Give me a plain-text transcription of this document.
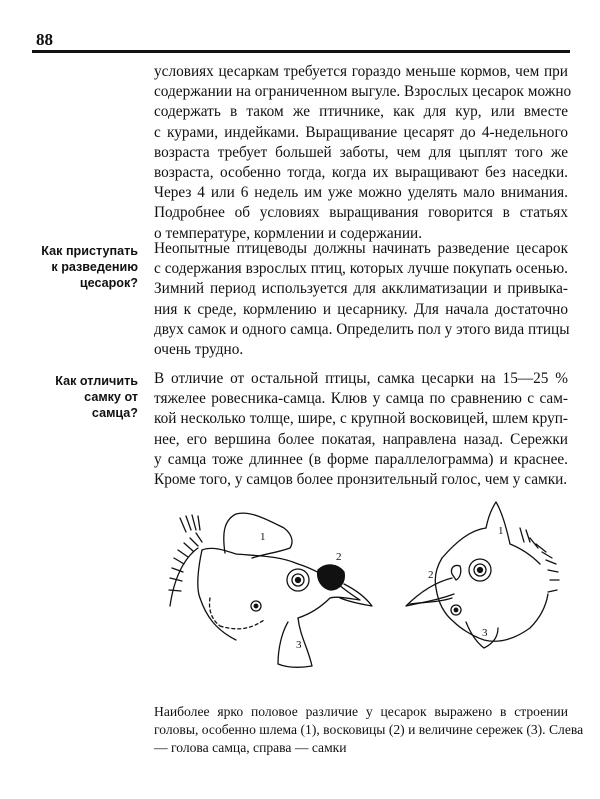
88

условиях цесаркам требуется гораздо меньше кормов, чем при
содержании на ограниченном выгуле. Взрослых цесарок можно
содержать в таком же птичнике, как для кур, или вместе
с курами, индейками. Выращивание цесарят до 4-недельного
возраста требует большей заботы, чем для цыплят того же
возраста, особенно тогда, когда их выращивают без наседки.
Через 4 или 6 недель им уже можно уделять мало внимания.
Подробнее об условиях выращивания говорится в статьях
о температуре, кормлении и содержании.

Как приступать
к разведению
цесарок?

Неопытные птицеводы должны начинать разведение цесарок
с содержания взрослых птиц, которых лучше покупать осенью.
Зимний период используется для акклиматизации и привыка-
ния к среде, кормлению и цесарнику. Для начала достаточно
двух самок и одного самца. Определить пол у этого вида птицы
очень трудно.

Как отличить
самку от
самца?

В отличие от остальной птицы, самка цесарки на 15—25 %
тяжелее ровесника-самца. Клюв у самца по сравнению с сам-
кой несколько толще, шире, с крупной восковицей, шлем круп-
нее, его вершина более покатая, направлена назад. Сережки
у самца тоже длиннее (в форме параллелограмма) и краснее.
Кроме того, у самцов более пронзительный голос, чем у самки.

1
2
3
1
2
3

Наиболее ярко половое различие у цесарок выражено в строении
головы, особенно шлема (1), восковицы (2) и величине сережек (3). Слева
— голова самца, справа — самки
